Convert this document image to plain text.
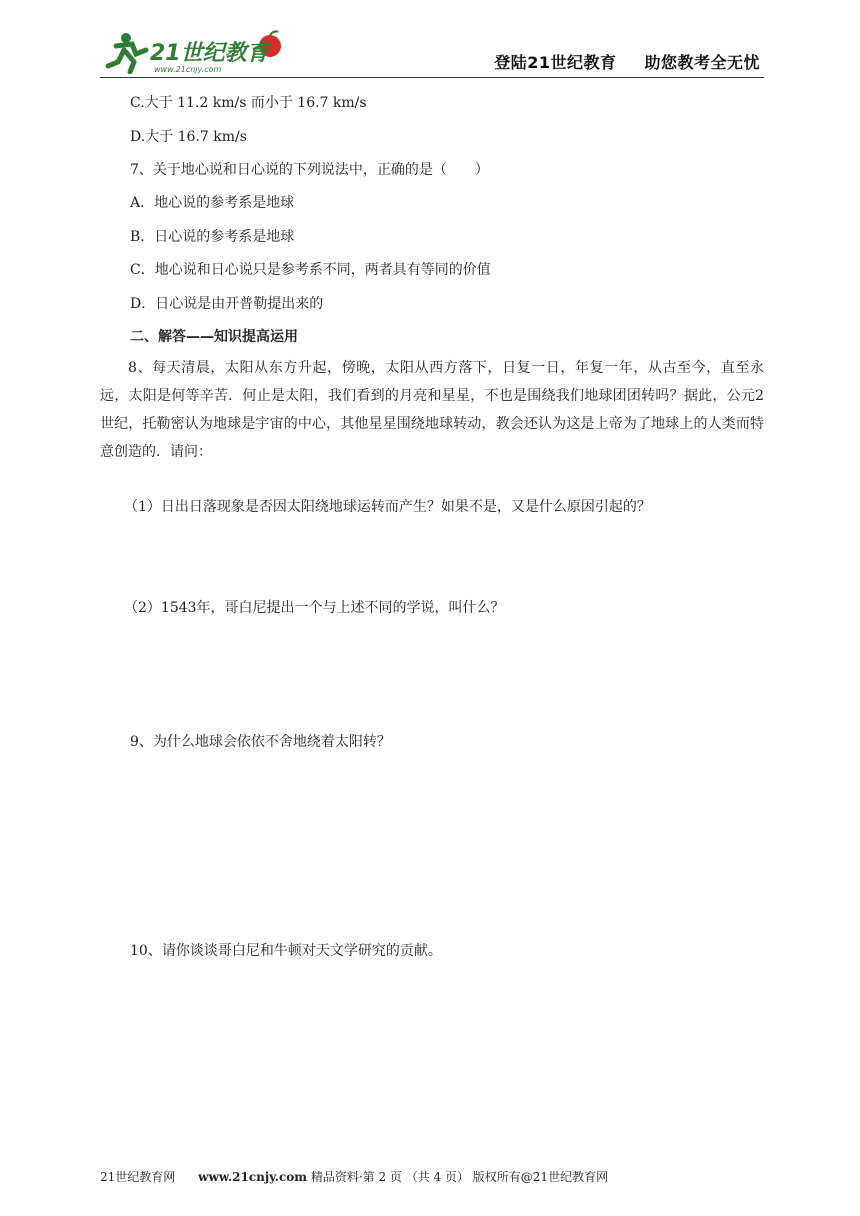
21世纪教育
www.21cnjy.com	登陆21世纪教育 助您教考全无忧
C.大于 11.2 km/s 而小于 16.7 km/s
D.大于 16.7 km/s
7、关于地心说和日心说的下列说法中，正确的是（　　）
A．地心说的参考系是地球
B．日心说的参考系是地球
C．地心说和日心说只是参考系不同，两者具有等同的价值
D．日心说是由开普勒提出来的
二、解答——知识提高运用
8、每天清晨，太阳从东方升起，傍晚，太阳从西方落下，日复一日，年复一年，从古至今，直至永远，太阳是何等辛苦．何止是太阳，我们看到的月亮和星星，不也是围绕我们地球团团转吗？据此，公元2世纪，托勒密认为地球是宇宙的中心，其他星星围绕地球转动，教会还认为这是上帝为了地球上的人类而特意创造的．请问：
（1）日出日落现象是否因太阳绕地球运转而产生？如果不是，又是什么原因引起的？
（2）1543年，哥白尼提出一个与上述不同的学说，叫什么？
9、为什么地球会依依不舍地绕着太阳转？
10、请你谈谈哥白尼和牛顿对天文学研究的贡献。
21世纪教育网 www.21cnjy.com 精品资料·第 2 页 （共 4 页） 版权所有@21世纪教育网
